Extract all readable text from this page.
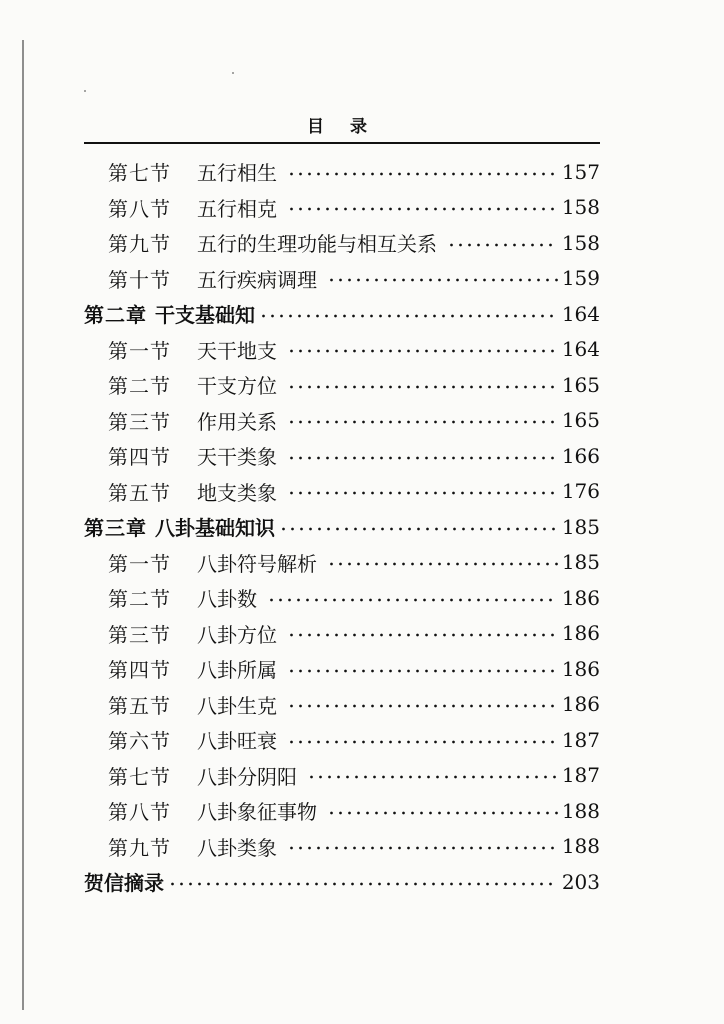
目 录
第七节 五行相生	157
第八节 五行相克	158
第九节 五行的生理功能与相互关系	158
第十节 五行疾病调理	159
第二章 干支基础知	164
第一节 天干地支	164
第二节 干支方位	165
第三节 作用关系	165
第四节 天干类象	166
第五节 地支类象	176
第三章 八卦基础知识	185
第一节 八卦符号解析	185
第二节 八卦数	186
第三节 八卦方位	186
第四节 八卦所属	186
第五节 八卦生克	186
第六节 八卦旺衰	187
第七节 八卦分阴阳	187
第八节 八卦象征事物	188
第九节 八卦类象	188
贺信摘录	203
